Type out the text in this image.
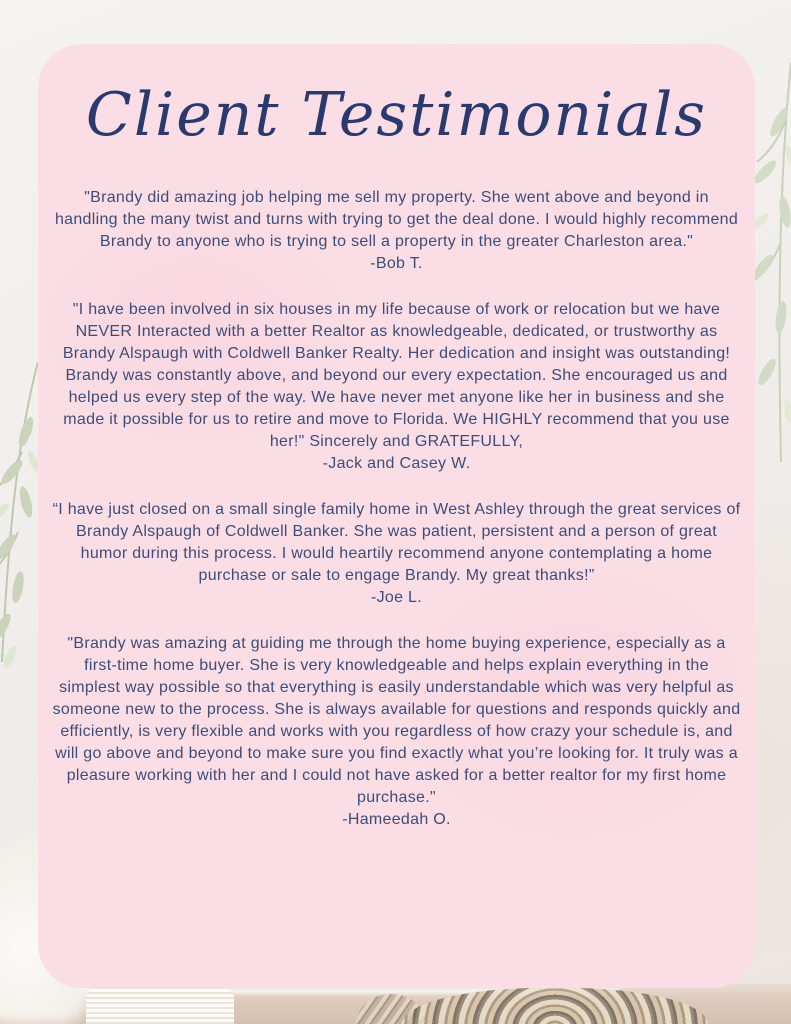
Client Testimonials

"Brandy did amazing job helping me sell my property. She went above and beyond in handling the many twist and turns with trying to get the deal done. I would highly recommend Brandy to anyone who is trying to sell a property in the greater Charleston area."

-Bob T.

"I have been involved in six houses in my life because of work or relocation but we have NEVER Interacted with a better Realtor as knowledgeable, dedicated, or trustworthy as Brandy Alspaugh with Coldwell Banker Realty. Her dedication and insight was outstanding! Brandy was constantly above, and beyond our every expectation. She encouraged us and helped us every step of the way. We have never met anyone like her in business and she made it possible for us to retire and move to Florida. We HIGHLY recommend that you use her!" Sincerely and GRATEFULLY,

-Jack and Casey W.

“I have just closed on a small single family home in West Ashley through the great services of Brandy Alspaugh of Coldwell Banker. She was patient, persistent and a person of great humor during this process. I would heartily recommend anyone contemplating a home purchase or sale to engage Brandy. My great thanks!”

-Joe L.

"Brandy was amazing at guiding me through the home buying experience, especially as a first-time home buyer. She is very knowledgeable and helps explain everything in the simplest way possible so that everything is easily understandable which was very helpful as someone new to the process. She is always available for questions and responds quickly and efficiently, is very flexible and works with you regardless of how crazy your schedule is, and will go above and beyond to make sure you find exactly what you’re looking for. It truly was a pleasure working with her and I could not have asked for a better realtor for my first home purchase."

-Hameedah O.
